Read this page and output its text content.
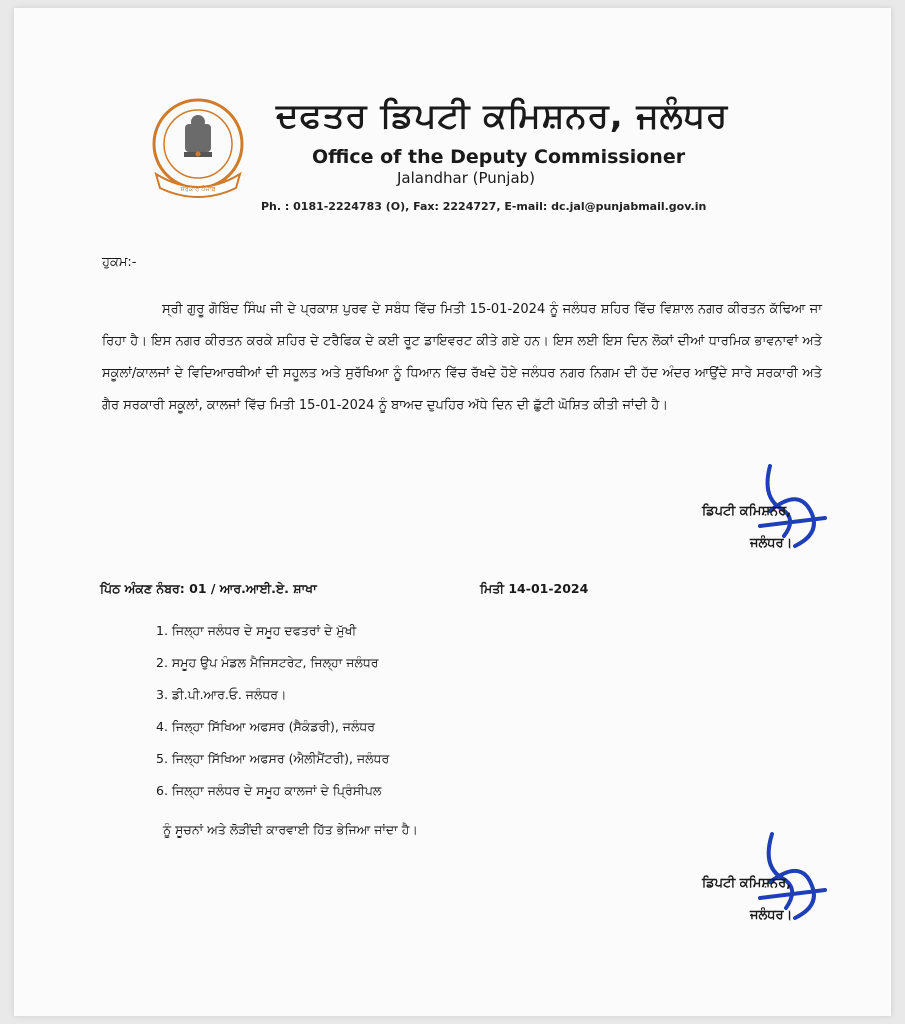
ਸਰਕਾਰ ਪੰਜਾਬ
ਦਫਤਰ ਡਿਪਟੀ ਕਮਿਸ਼ਨਰ, ਜਲੰਧਰ
Office of the Deputy Commissioner
Jalandhar (Punjab)
Ph. : 0181-2224783 (O), Fax: 2224727, E-mail: dc.jal@punjabmail.gov.in
ਹੁਕਮ:-
ਸ੍ਰੀ ਗੁਰੂ ਗੋਬਿੰਦ ਸਿੰਘ ਜੀ ਦੇ ਪ੍ਰਕਾਸ਼ ਪੁਰਵ ਦੇ ਸਬੰਧ ਵਿੱਚ ਮਿਤੀ 15-01-2024 ਨੂੰ ਜਲੰਧਰ ਸ਼ਹਿਰ ਵਿੱਚ ਵਿਸ਼ਾਲ ਨਗਰ ਕੀਰਤਨ ਕੱਢਿਆ ਜਾ ਰਿਹਾ ਹੈ। ਇਸ ਨਗਰ ਕੀਰਤਨ ਕਰਕੇ ਸ਼ਹਿਰ ਦੇ ਟਰੈਫਿਕ ਦੇ ਕਈ ਰੂਟ ਡਾਇਵਰਟ ਕੀਤੇ ਗਏ ਹਨ। ਇਸ ਲਈ ਇਸ ਦਿਨ ਲੋਕਾਂ ਦੀਆਂ ਧਾਰਮਿਕ ਭਾਵਨਾਵਾਂ ਅਤੇ ਸਕੂਲਾਂ/ਕਾਲਜਾਂ ਦੇ ਵਿਦਿਆਰਥੀਆਂ ਦੀ ਸਹੂਲਤ ਅਤੇ ਸੁਰੱਖਿਆ ਨੂੰ ਧਿਆਨ ਵਿੱਚ ਰੱਖਦੇ ਹੋਏ ਜਲੰਧਰ ਨਗਰ ਨਿਗਮ ਦੀ ਹੱਦ ਅੰਦਰ ਆਉਂਦੇ ਸਾਰੇ ਸਰਕਾਰੀ ਅਤੇ ਗੈਰ ਸਰਕਾਰੀ ਸਕੂਲਾਂ, ਕਾਲਜਾਂ ਵਿੱਚ ਮਿਤੀ 15-01-2024 ਨੂੰ ਬਾਅਦ ਦੁਪਹਿਰ ਅੱਧੇ ਦਿਨ ਦੀ ਛੁੱਟੀ ਘੋਸ਼ਿਤ ਕੀਤੀ ਜਾਂਦੀ ਹੈ।
ਡਿਪਟੀ ਕਮਿਸ਼ਨਰ,
ਜਲੰਧਰ।
ਪਿੱਠ ਅੰਕਣ ਨੰਬਰ: 01 / ਆਰ.ਆਈ.ਏ. ਸ਼ਾਖਾ	ਮਿਤੀ 14-01-2024
1. ਜਿਲ੍ਹਾ ਜਲੰਧਰ ਦੇ ਸਮੂਹ ਦਫਤਰਾਂ ਦੇ ਮੁੱਖੀ
2. ਸਮੂਹ ਉਪ ਮੰਡਲ ਮੈਜਿਸਟਰੇਟ, ਜਿਲ੍ਹਾ ਜਲੰਧਰ
3. ਡੀ.ਪੀ.ਆਰ.ਓ. ਜਲੰਧਰ।
4. ਜਿਲ੍ਹਾ ਸਿੱਖਿਆ ਅਫਸਰ (ਸੈਕੰਡਰੀ), ਜਲੰਧਰ
5. ਜਿਲ੍ਹਾ ਸਿੱਖਿਆ ਅਫਸਰ (ਐਲੀਮੈਂਟਰੀ), ਜਲੰਧਰ
6. ਜਿਲ੍ਹਾ ਜਲੰਧਰ ਦੇ ਸਮੂਹ ਕਾਲਜਾਂ ਦੇ ਪ੍ਰਿੰਸੀਪਲ
ਨੂੰ ਸੂਚਨਾਂ ਅਤੇ ਲੋੜੀਂਦੀ ਕਾਰਵਾਈ ਹਿੱਤ ਭੇਜਿਆ ਜਾਂਦਾ ਹੈ।
ਡਿਪਟੀ ਕਮਿਸ਼ਨਰ,
ਜਲੰਧਰ।
